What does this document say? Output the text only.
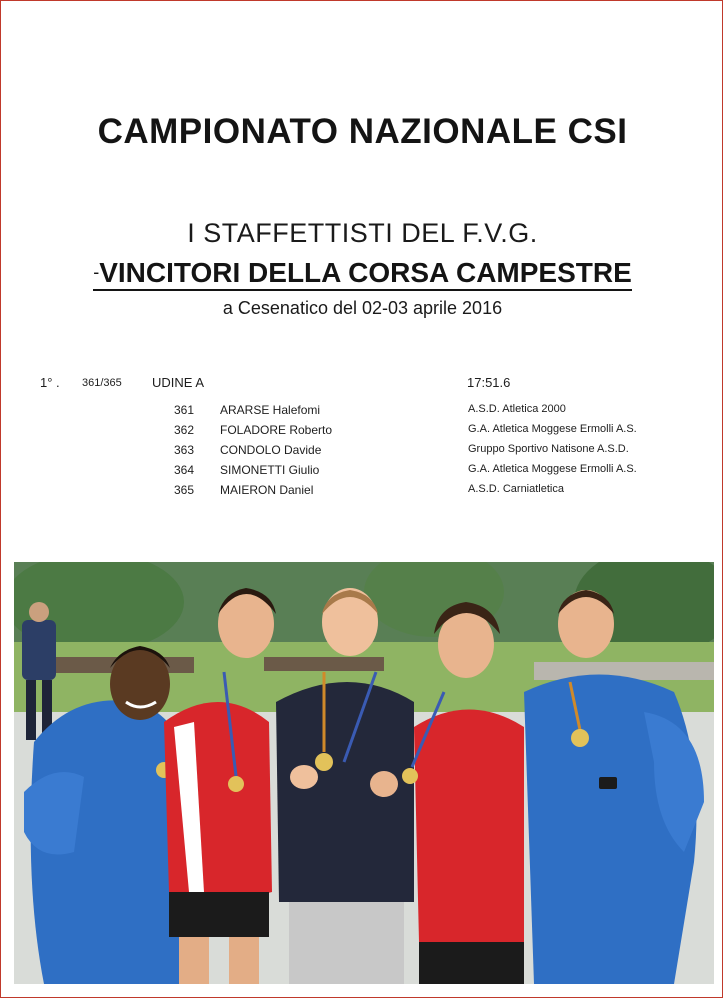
CAMPIONATO NAZIONALE CSI
I STAFFETTISTI DEL F.V.G.
-VINCITORI DELLA CORSA CAMPESTRE
a Cesenatico del 02-03 aprile 2016
1° . 361/365 UDINE A	17:51.6
361 ARARSE Halefomi	A.S.D. Atletica 2000
362 FOLADORE Roberto	G.A. Atletica Moggese Ermolli A.S.
363 CONDOLO Davide	Gruppo Sportivo Natisone A.S.D.
364 SIMONETTI Giulio	G.A. Atletica Moggese Ermolli A.S.
365 MAIERON Daniel	A.S.D. Carniatletica
